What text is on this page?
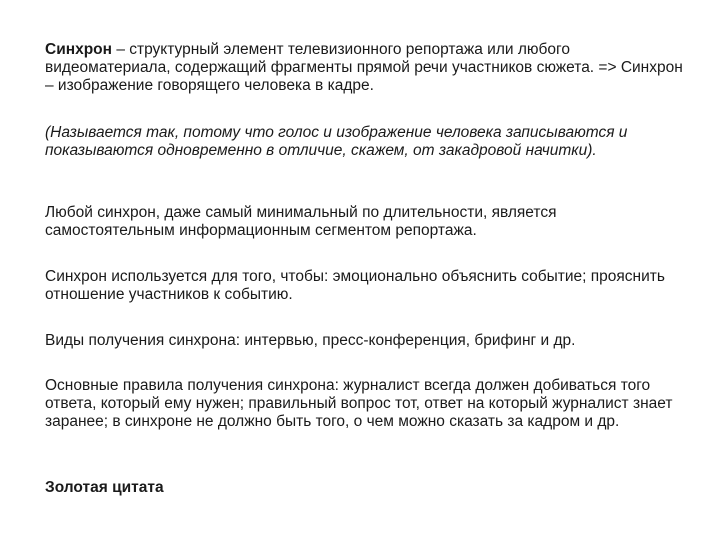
Синхрон – структурный элемент телевизионного репортажа или любого видеоматериала, содержащий фрагменты прямой речи участников сюжета. => Синхрон – изображение говорящего человека в кадре.
(Называется так, потому что голос и изображение человека записываются и показываются одновременно в отличие, скажем, от закадровой начитки).
Любой синхрон, даже самый минимальный по длительности, является самостоятельным информационным сегментом репортажа.
Синхрон используется для того, чтобы: эмоционально объяснить событие; прояснить отношение участников к событию.
Виды получения синхрона: интервью, пресс-конференция, брифинг и др.
Основные правила получения синхрона: журналист всегда должен добиваться того ответа, который ему нужен; правильный вопрос тот, ответ на который журналист знает заранее; в синхроне не должно быть того, о чем можно сказать за кадром и др.
Золотая цитата
